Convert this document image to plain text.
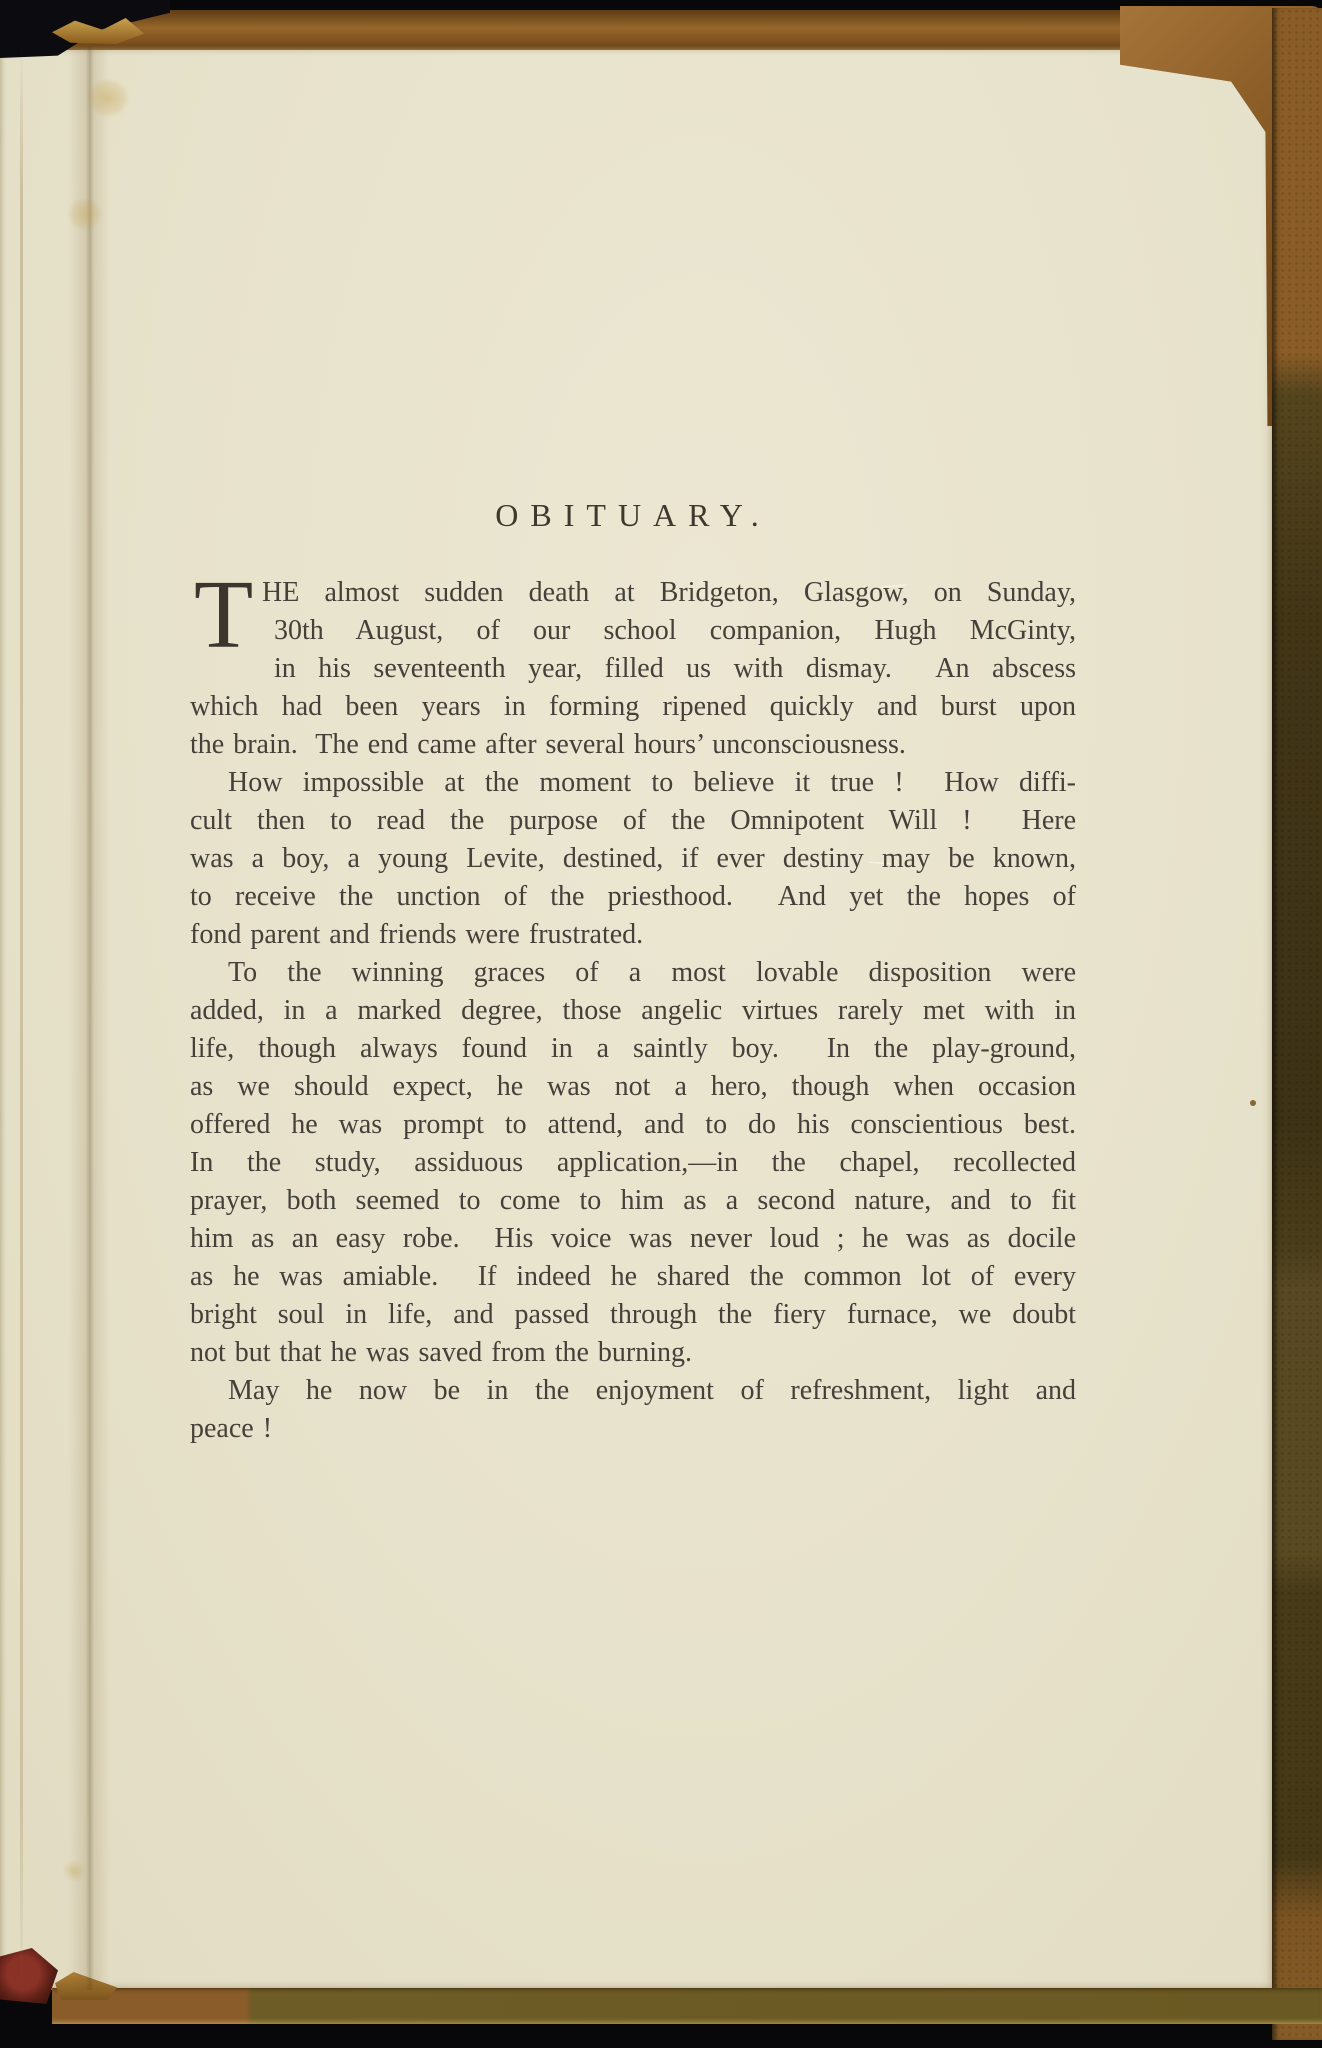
OBITUARY.
T HE almost sudden death at Bridgeton, Glasgow, on Sunday,
30th August, of our school companion, Hugh McGinty,
in his seventeenth year, filled us with dismay.  An abscess
which had been years in forming ripened quickly and burst upon
the brain.  The end came after several hours’ unconsciousness.
How impossible at the moment to believe it true !  How diffi-
cult then to read the purpose of the Omnipotent Will !  Here
was a boy, a young Levite, destined, if ever destiny may be known,
to receive the unction of the priesthood.  And yet the hopes of
fond parent and friends were frustrated.
To the winning graces of a most lovable disposition were
added, in a marked degree, those angelic virtues rarely met with in
life, though always found in a saintly boy.  In the play-ground,
as we should expect, he was not a hero, though when occasion
offered he was prompt to attend, and to do his conscientious best.
In the study, assiduous application,—in the chapel, recollected
prayer, both seemed to come to him as a second nature, and to fit
him as an easy robe.  His voice was never loud ; he was as docile
as he was amiable.  If indeed he shared the common lot of every
bright soul in life, and passed through the fiery furnace, we doubt
not but that he was saved from the burning.
May he now be in the enjoyment of refreshment, light and
peace !
